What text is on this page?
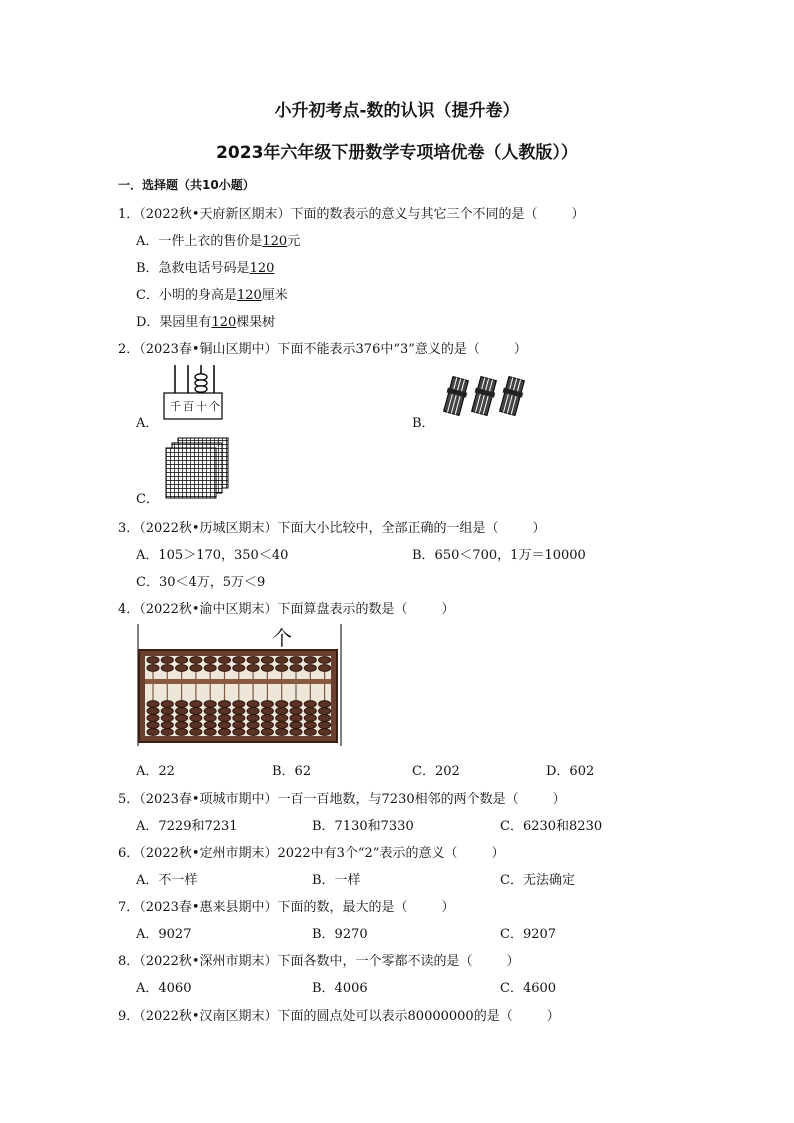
小升初考点-数的认识（提升卷）
2023年六年级下册数学专项培优卷（人教版））
一．选择题（共10小题）
1．（2022秋•天府新区期末）下面的数表示的意义与其它三个不同的是（	）
A．一件上衣的售价是120元
B．急救电话号码是120
C．小明的身高是120厘米
D．果园里有120棵果树
2．（2023春•铜山区期中）下面不能表示376中“3”意义的是（	）
A．
千百十个
B．
C．
3．（2022秋•历城区期末）下面大小比较中，全部正确的一组是（	）
A．105＞170，350＜40	B．650＜700，1万＝10000
C．30＜4万，5万＜9
4．（2022秋•渝中区期末）下面算盘表示的数是（	）
个
A．22	B．62	C．202	D．602
5．（2023春•项城市期中）一百一百地数，与7230相邻的两个数是（	）
A．7229和7231	B．7130和7330	C．6230和8230
6．（2022秋•定州市期末）2022中有3个“2”表示的意义（	）
A．不一样	B．一样	C．无法确定
7．（2023春•惠来县期中）下面的数，最大的是（	）
A．9027	B．9270	C．9207
8．（2022秋•深州市期末）下面各数中，一个零都不读的是（	）
A．4060	B．4006	C．4600
9．（2022秋•汉南区期末）下面的圆点处可以表示80000000的是（	）
